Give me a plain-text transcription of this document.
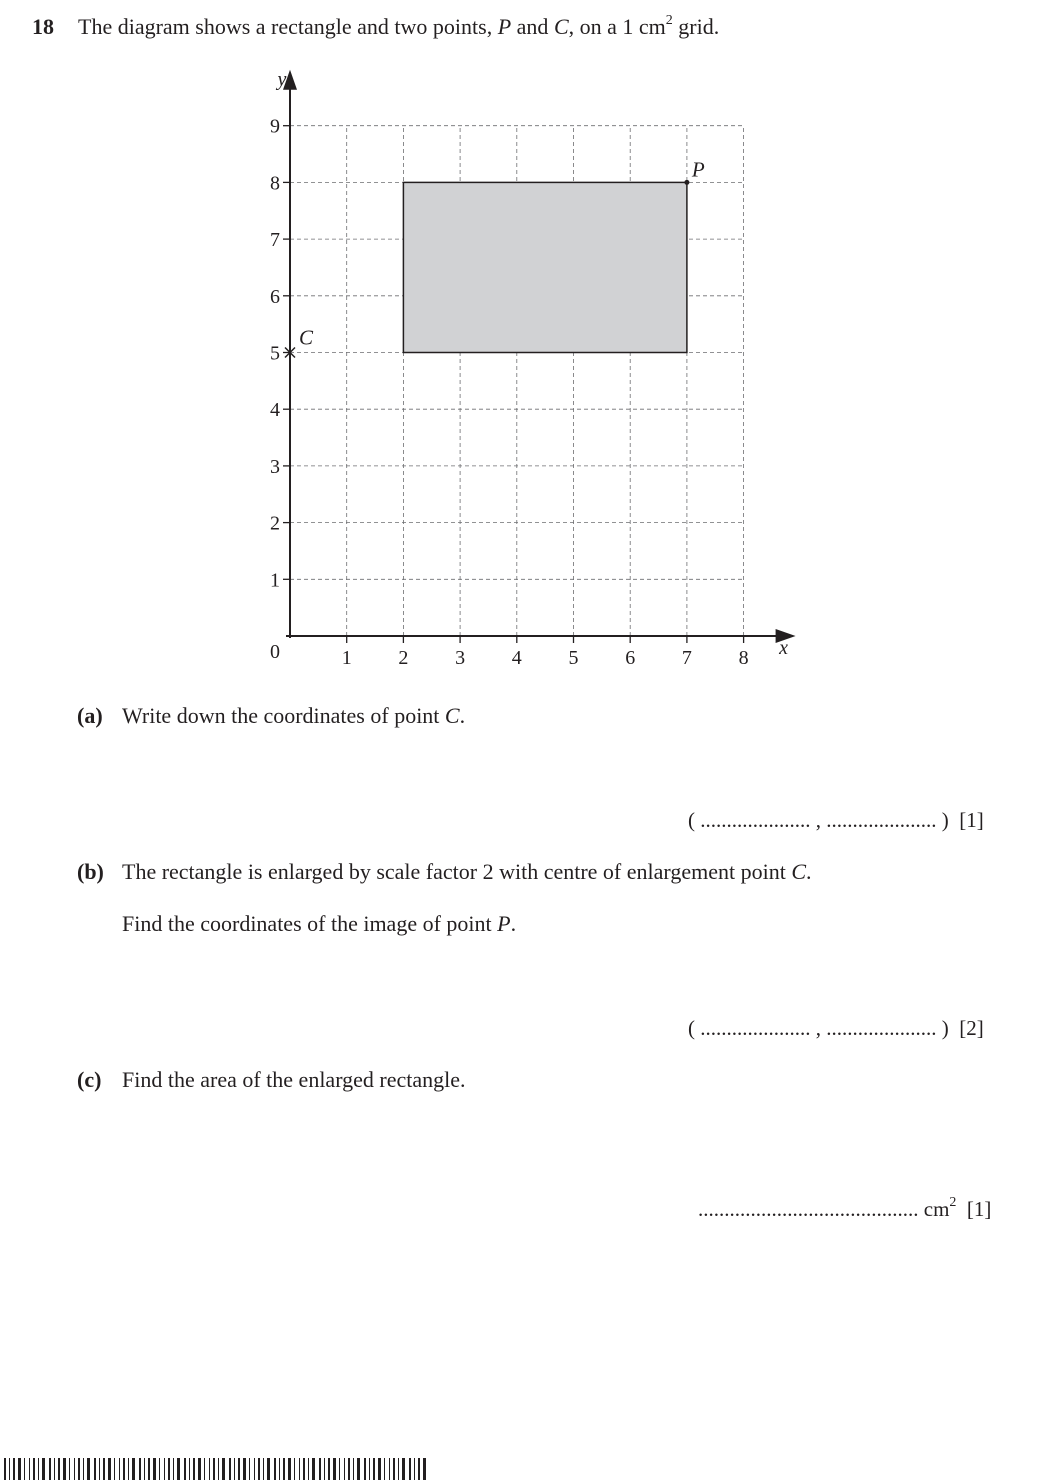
18 The diagram shows a rectangle and two points, P and C, on a 1 $cm^2$ grid.
1 2 3 4 5 6 7 8
1
2
3
4
5
6
7
8
9
0	x
y
P
C
(a) Write down the coordinates of point C.
( ..................... , ..................... ) [1]
(b) The rectangle is enlarged by scale factor 2 with centre of enlargement point C.
Find the coordinates of the image of point P.
( ..................... , ..................... ) [2]
(c) Find the area of the enlarged rectangle.
.......................................... $cm^2$ [1]
